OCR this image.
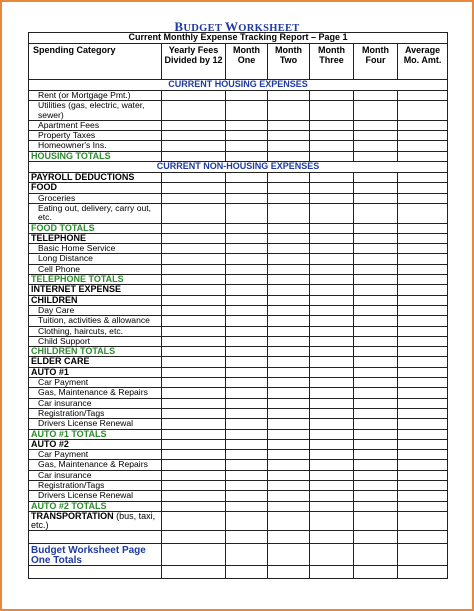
BUDGET WORKSHEET
Current Monthly Expense Tracking Report – Page 1						
Spending Category	Yearly Fees Divided by 12	Month One	Month Two	Month Three	Month Four	Average Mo. Amt.
CURRENT HOUSING EXPENSES						
Rent (or Mortgage Pmt.)						
Utilities (gas, electric, water, sewer)						
Apartment Fees						
Property Taxes						
Homeowner's Ins.						
HOUSING TOTALS						
CURRENT NON-HOUSING EXPENSES						
PAYROLL DEDUCTIONS						
FOOD						
Groceries						
Eating out, delivery, carry out, etc.						
FOOD TOTALS						
TELEPHONE						
Basic Home Service						
Long Distance						
Cell Phone						
TELEPHONE TOTALS						
INTERNET EXPENSE						
CHILDREN						
Day Care						
Tuition, activities & allowance						
Clothing, haircuts, etc.						
Child Support						
CHILDREN TOTALS						
ELDER CARE						
AUTO #1						
Car Payment						
Gas, Maintenance & Repairs						
Car insurance						
Registration/Tags						
Drivers License Renewal						
AUTO #1 TOTALS						
AUTO #2						
Car Payment						
Gas, Maintenance & Repairs						
Car insurance						
Registration/Tags						
Drivers License Renewal						
AUTO #2 TOTALS						
TRANSPORTATION (bus, taxi, etc.)						

Budget Worksheet Page One Totals						
